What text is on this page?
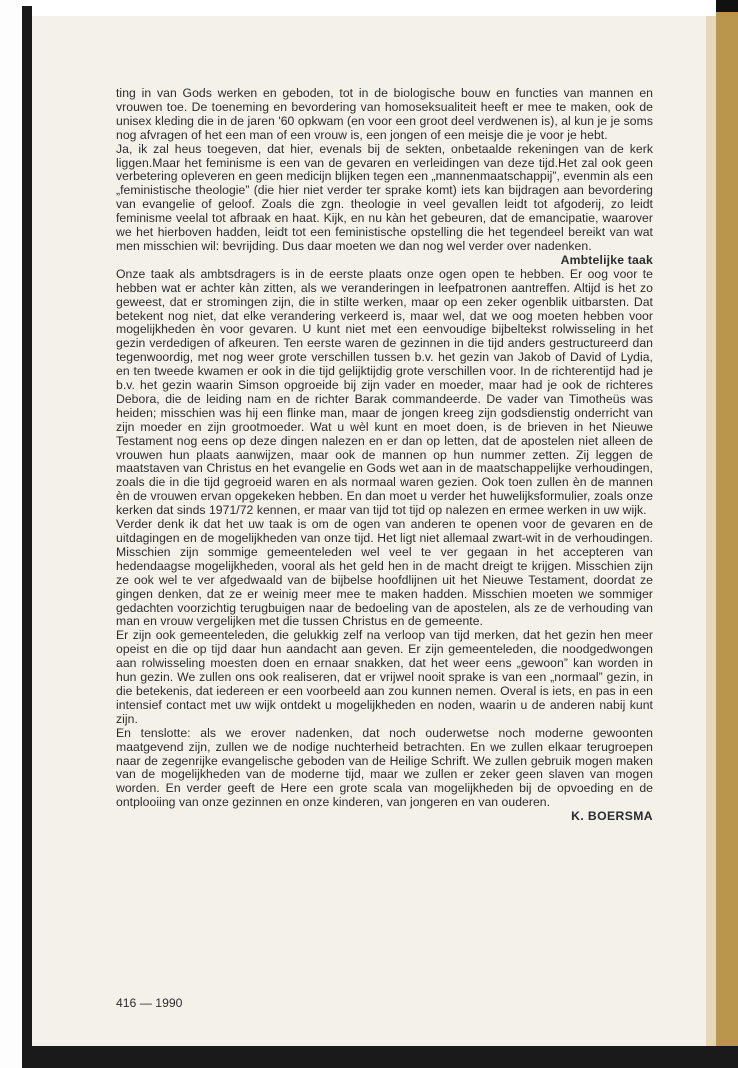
ting in van Gods werken en geboden, tot in de biologische bouw en functies van mannen en vrouwen toe. De toeneming en bevordering van homoseksualiteit heeft er mee te maken, ook de unisex kleding die in de jaren '60 opkwam (en voor een groot deel verdwenen is), al kun je je soms nog afvragen of het een man of een vrouw is, een jongen of een meisje die je voor je hebt.

Ja, ik zal heus toegeven, dat hier, evenals bij de sekten, onbetaalde rekeningen van de kerk liggen.Maar het feminisme is een van de gevaren en verleidingen van deze tijd.Het zal ook geen verbetering opleveren en geen medicijn blijken tegen een „mannenmaatschappij”, evenmin als een „feministische theologie” (die hier niet verder ter sprake komt) iets kan bijdragen aan bevordering van evangelie of geloof. Zoals die zgn. theologie in veel gevallen leidt tot afgoderij, zo leidt feminisme veelal tot afbraak en haat. Kijk, en nu kàn het gebeuren, dat de emancipatie, waarover we het hierboven hadden, leidt tot een feministische opstelling die het tegendeel bereikt van wat men misschien wil: bevrijding. Dus daar moeten we dan nog wel verder over nadenken.

Ambtelijke taak

Onze taak als ambtsdragers is in de eerste plaats onze ogen open te hebben. Er oog voor te hebben wat er achter kàn zitten, als we veranderingen in leefpatronen aantreffen. Altijd is het zo geweest, dat er stromingen zijn, die in stilte werken, maar op een zeker ogenblik uitbarsten. Dat betekent nog niet, dat elke verandering verkeerd is, maar wel, dat we oog moeten hebben voor mogelijkheden èn voor gevaren. U kunt niet met een eenvoudige bijbeltekst rolwisseling in het gezin verdedigen of afkeuren. Ten eerste waren de gezinnen in die tijd anders gestructureerd dan tegenwoordig, met nog weer grote verschillen tussen b.v. het gezin van Jakob of David of Lydia, en ten tweede kwamen er ook in die tijd gelijktijdig grote verschillen voor. In de richterentijd had je b.v. het gezin waarin Simson opgroeide bij zijn vader en moeder, maar had je ook de richteres Debora, die de leiding nam en de richter Barak commandeerde. De vader van Timotheüs was heiden; misschien was hij een flinke man, maar de jongen kreeg zijn godsdienstig onderricht van zijn moeder en zijn grootmoeder. Wat u wèl kunt en moet doen, is de brieven in het Nieuwe Testament nog eens op deze dingen nalezen en er dan op letten, dat de apostelen niet alleen de vrouwen hun plaats aanwijzen, maar ook de mannen op hun nummer zetten. Zij leggen de maatstaven van Christus en het evangelie en Gods wet aan in de maatschappelijke verhoudingen, zoals die in die tijd gegroeid waren en als normaal waren gezien. Ook toen zullen èn de mannen èn de vrouwen ervan opgekeken hebben. En dan moet u verder het huwelijksformulier, zoals onze kerken dat sinds 1971/72 kennen, er maar van tijd tot tijd op nalezen en ermee werken in uw wijk.

Verder denk ik dat het uw taak is om de ogen van anderen te openen voor de gevaren en de uitdagingen en de mogelijkheden van onze tijd. Het ligt niet allemaal zwart-wit in de verhoudingen. Misschien zijn sommige gemeenteleden wel veel te ver gegaan in het accepteren van hedendaagse mogelijkheden, vooral als het geld hen in de macht dreigt te krijgen. Misschien zijn ze ook wel te ver afgedwaald van de bijbelse hoofdlijnen uit het Nieuwe Testament, doordat ze gingen denken, dat ze er weinig meer mee te maken hadden. Misschien moeten we sommiger gedachten voorzichtig terugbuigen naar de bedoeling van de apostelen, als ze de verhouding van man en vrouw vergelijken met die tussen Christus en de gemeente.

Er zijn ook gemeenteleden, die gelukkig zelf na verloop van tijd merken, dat het gezin hen meer opeist en die op tijd daar hun aandacht aan geven. Er zijn gemeenteleden, die noodgedwongen aan rolwisseling moesten doen en ernaar snakken, dat het weer eens „gewoon” kan worden in hun gezin. We zullen ons ook realiseren, dat er vrijwel nooit sprake is van een „normaal” gezin, in die betekenis, dat iedereen er een voorbeeld aan zou kunnen nemen. Overal is iets, en pas in een intensief contact met uw wijk ontdekt u mogelijkheden en noden, waarin u de anderen nabij kunt zijn.

En tenslotte: als we erover nadenken, dat noch ouderwetse noch moderne gewoonten maatgevend zijn, zullen we de nodige nuchterheid betrachten. En we zullen elkaar terugroepen naar de zegenrijke evangelische geboden van de Heilige Schrift. We zullen gebruik mogen maken van de mogelijkheden van de moderne tijd, maar we zullen er zeker geen slaven van mogen worden. En verder geeft de Here een grote scala van mogelijkheden bij de opvoeding en de ontplooiing van onze gezinnen en onze kinderen, van jongeren en van ouderen.

K. BOERSMA

416 — 1990
